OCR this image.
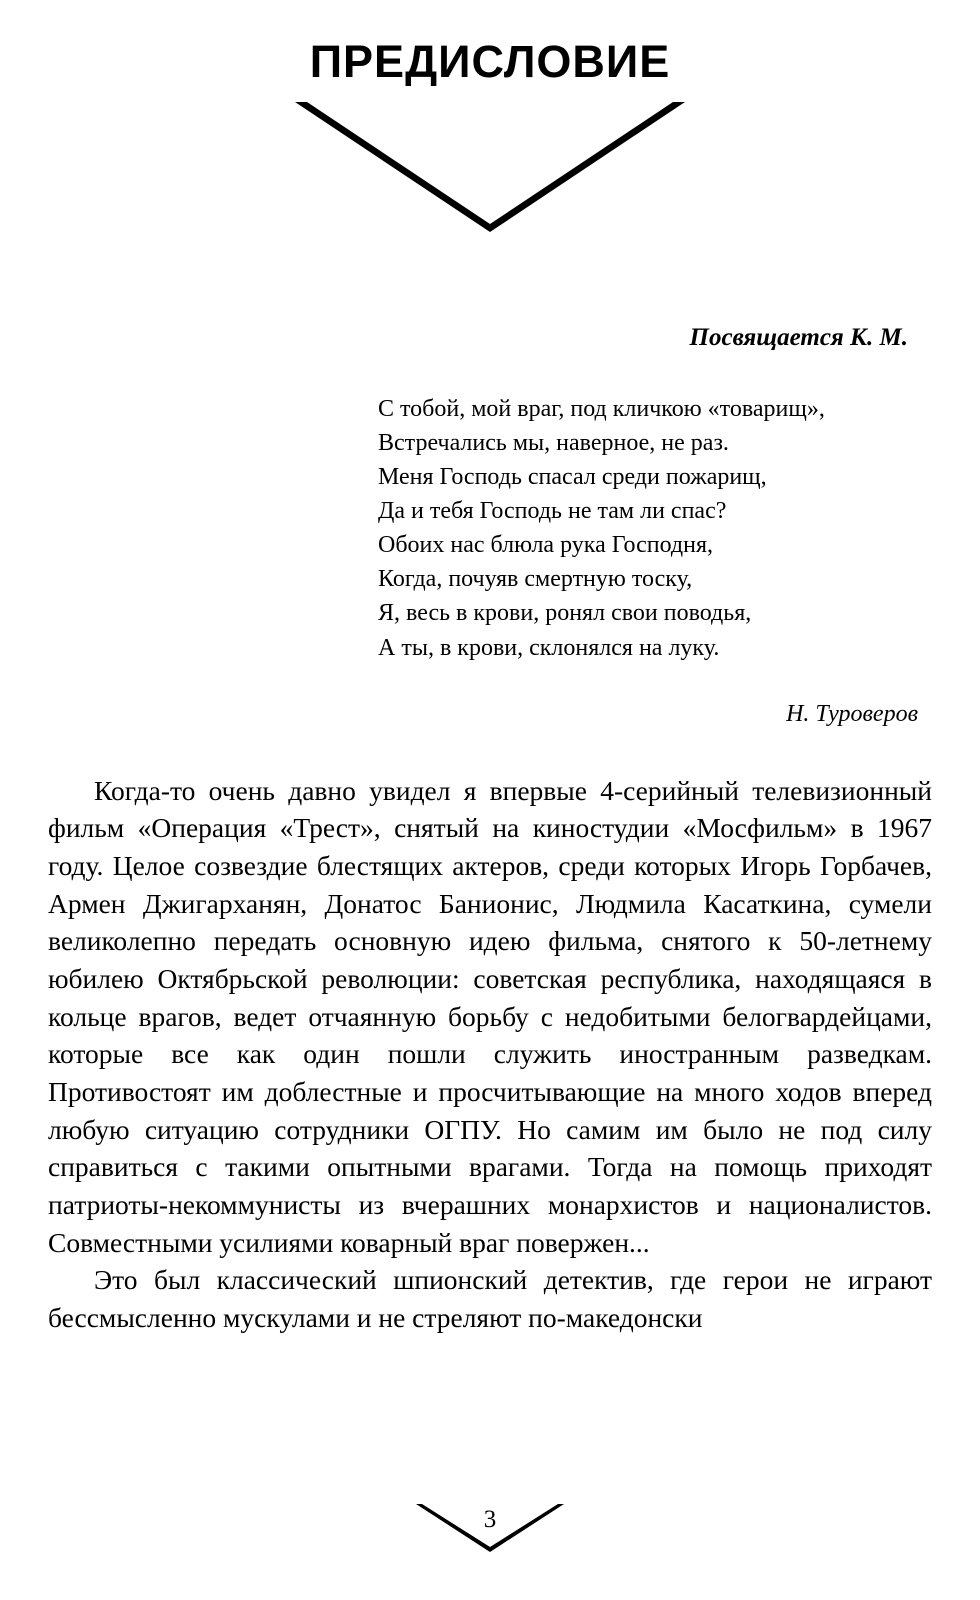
ПРЕДИСЛОВИЕ
Посвящается К. М.
С тобой, мой враг, под кличкою «товарищ»,
Встречались мы, наверное, не раз.
Меня Господь спасал среди пожарищ,
Да и тебя Господь не там ли спас?
Обоих нас блюла рука Господня,
Когда, почуяв смертную тоску,
Я, весь в крови, ронял свои поводья,
А ты, в крови, склонялся на луку.
Н. Туроверов

Когда-то очень давно увидел я впервые 4-серийный телевизионный фильм «Операция «Трест», снятый на киностудии «Мосфильм» в 1967 году. Целое созвездие блестящих актеров, среди которых Игорь Горбачев, Армен Джигарханян, Донатос Банионис, Людмила Касаткина, сумели великолепно передать основную идею фильма, снятого к 50-летнему юбилею Октябрьской революции: советская республика, находящаяся в кольце врагов, ведет отчаянную борьбу с недобитыми белогвардейцами, которые все как один пошли служить иностранным разведкам. Противостоят им доблестные и просчитывающие на много ходов вперед любую ситуацию сотрудники ОГПУ. Но самим им было не под силу справиться с такими опытными врагами. Тогда на помощь приходят патриоты-некоммунисты из вчерашних монархистов и националистов. Совместными усилиями коварный враг повержен...

Это был классический шпионский детектив, где герои не играют бессмысленно мускулами и не стреляют по-македонски

3
